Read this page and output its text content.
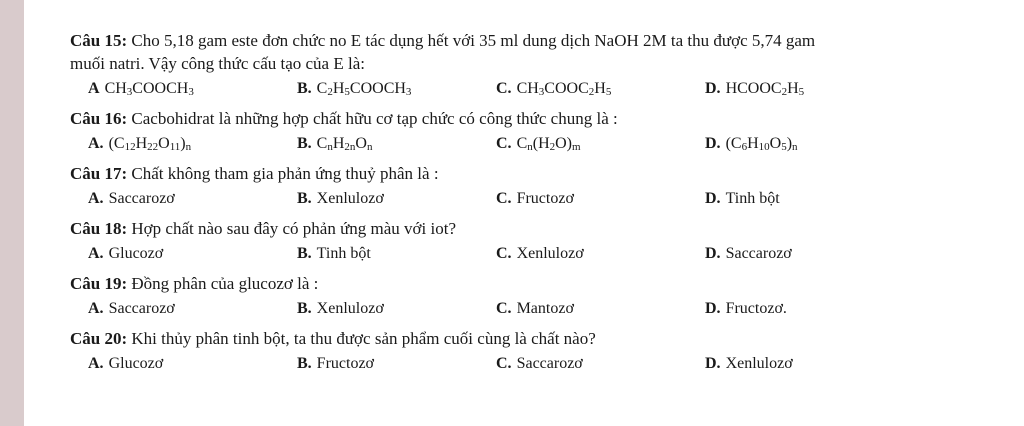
Câu 15: Cho 5,18 gam este đơn chức no E tác dụng hết với 35 ml dung dịch NaOH 2M ta thu được 5,74 gam

muối natri. Vậy công thức cấu tạo của E là:

A $CH_3COOCH_3$	B. $C_2H_5COOCH_3$	C. $CH_3COOC_2H_5$	D. $HCOOC_2H_5$

Câu 16: Cacbohidrat là những hợp chất hữu cơ tạp chức có công thức chung là :

A. $(C_{12}H_{22}O_{11})_n$	B. $C_nH_{2n}O_n$	C. $C_n(H_2O)_m$	D. $(C_6H_{10}O_5)_n$

Câu 17: Chất không tham gia phản ứng thuỷ phân là :

A. Saccarozơ	B. Xenlulozơ	C. Fructozơ	D. Tinh bột

Câu 18: Hợp chất nào sau đây có phản ứng màu với iot?

A. Glucozơ	B. Tinh bột	C. Xenlulozơ	D. Saccarozơ

Câu 19: Đồng phân của glucozơ là :

A. Saccarozơ	B. Xenlulozơ	C. Mantozơ	D. Fructozơ.

Câu 20: Khi thủy phân tinh bột, ta thu được sản phẩm cuối cùng là chất nào?

A. Glucozơ	B. Fructozơ	C. Saccarozơ	D. Xenlulozơ
